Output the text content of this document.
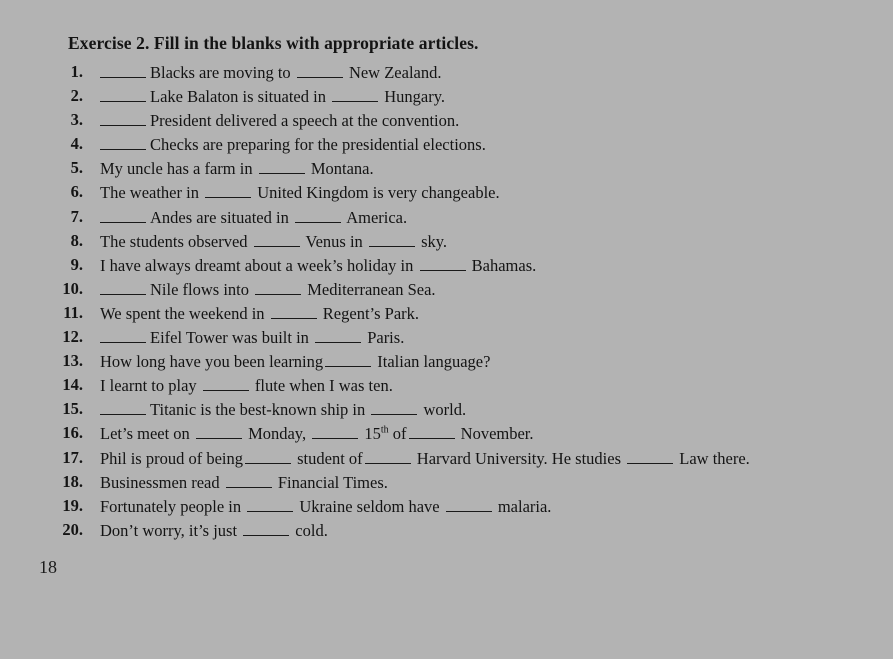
Exercise 2. Fill in the blanks with appropriate articles.
1.	Blacks are moving to	New Zealand.
2.	Lake Balaton is situated in	Hungary.
3.	President delivered a speech at the convention.
4.	Checks are preparing for the presidential elections.
5. My uncle has a farm in	Montana.
6. The weather in	United Kingdom is very changeable.
7.	Andes are situated in	America.
8. The students observed	Venus in	sky.
9. I have always dreamt about a week’s holiday in	Bahamas.
10.	Nile flows into	Mediterranean Sea.
11. We spent the weekend in	Regent’s Park.
12.	Eifel Tower was built in	Paris.
13. How long have you been learning	Italian language?
14. I learnt to play	flute when I was ten.
15.	Titanic is the best-known ship in	world.
16. Let’s meet on	Monday,	15th of	November.
17. Phil is proud of being	student of	Harvard University. He studies	Law there.
18. Businessmen read	Financial Times.
19. Fortunately people in	Ukraine seldom have	malaria.
20. Don’t worry, it’s just	cold.
18
